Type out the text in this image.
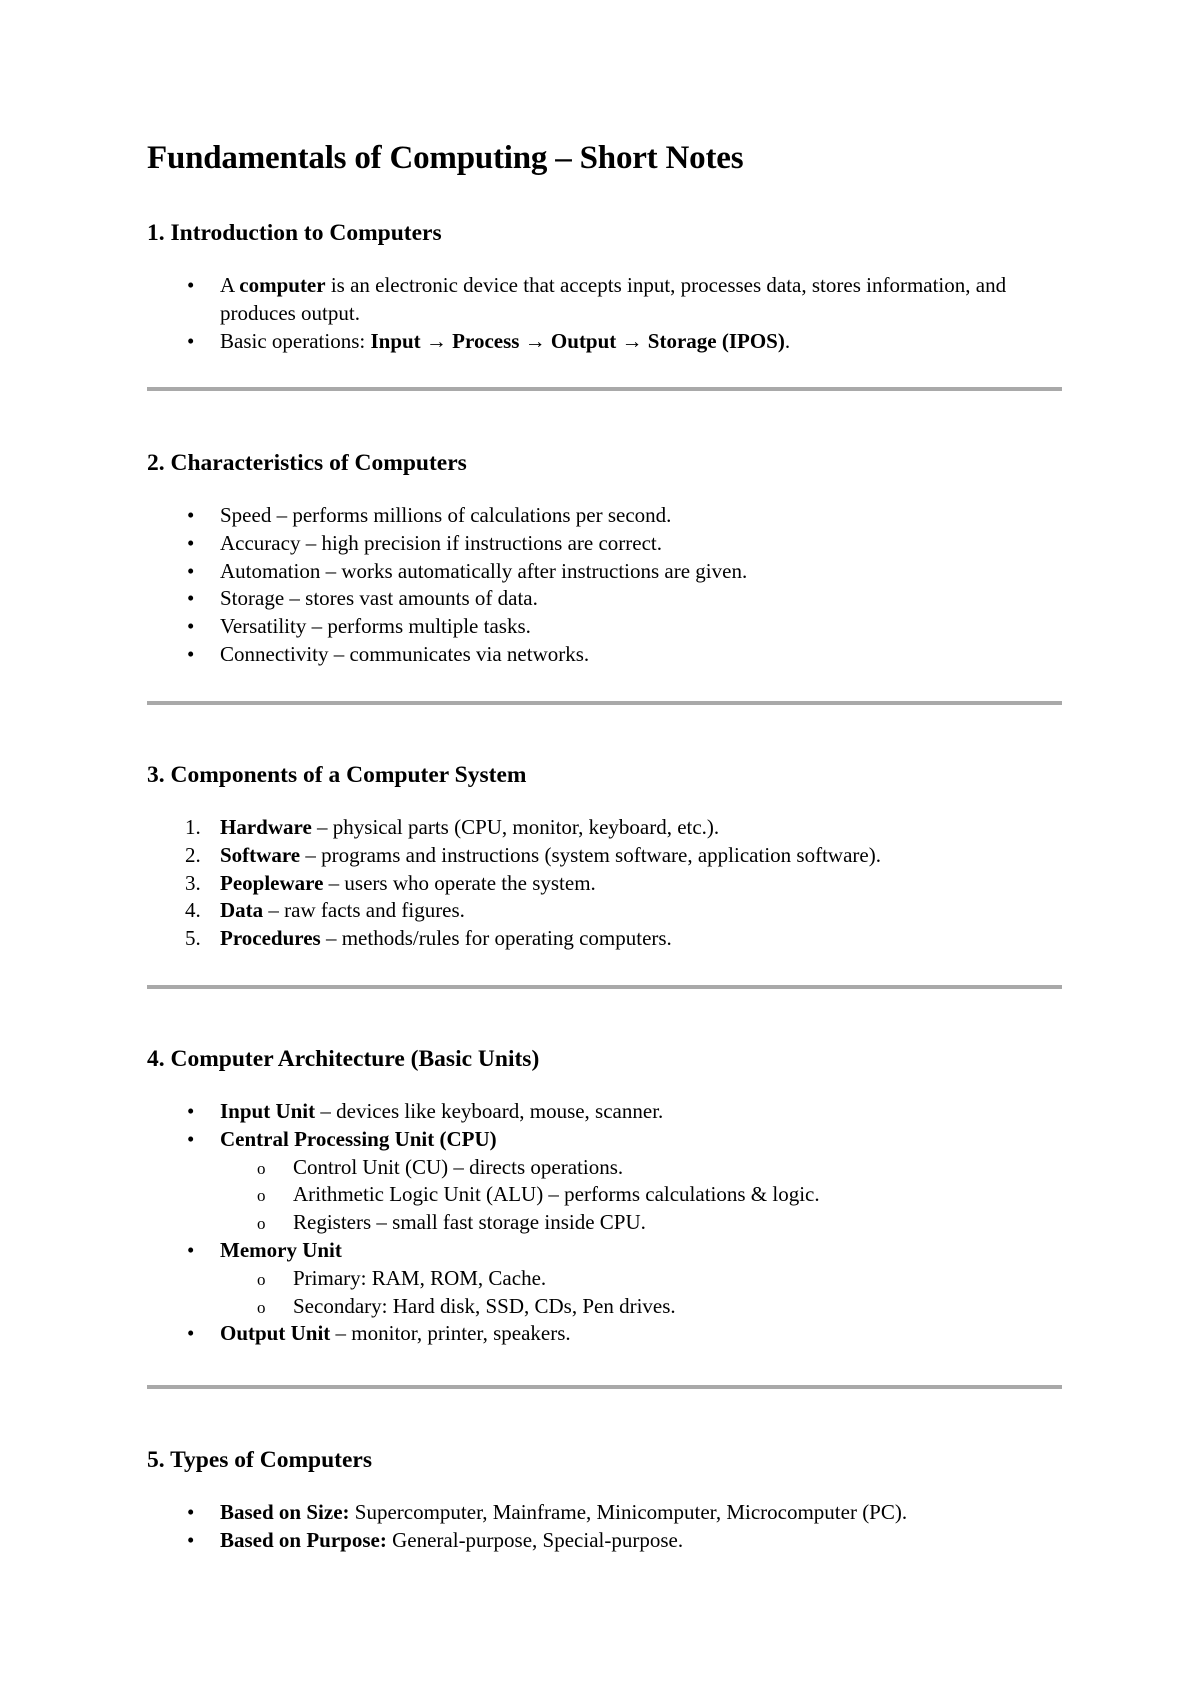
Fundamentals of Computing – Short Notes
1. Introduction to Computers
• A computer is an electronic device that accepts input, processes data, stores information, and produces output.
• Basic operations: Input → Process → Output → Storage (IPOS).
2. Characteristics of Computers
• Speed – performs millions of calculations per second.
• Accuracy – high precision if instructions are correct.
• Automation – works automatically after instructions are given.
• Storage – stores vast amounts of data.
• Versatility – performs multiple tasks.
• Connectivity – communicates via networks.
3. Components of a Computer System
1. Hardware – physical parts (CPU, monitor, keyboard, etc.).
2. Software – programs and instructions (system software, application software).
3. Peopleware – users who operate the system.
4. Data – raw facts and figures.
5. Procedures – methods/rules for operating computers.
4. Computer Architecture (Basic Units)
• Input Unit – devices like keyboard, mouse, scanner.
• Central Processing Unit (CPU)
o Control Unit (CU) – directs operations.
o Arithmetic Logic Unit (ALU) – performs calculations & logic.
o Registers – small fast storage inside CPU.
• Memory Unit
o Primary: RAM, ROM, Cache.
o Secondary: Hard disk, SSD, CDs, Pen drives.
• Output Unit – monitor, printer, speakers.
5. Types of Computers
• Based on Size: Supercomputer, Mainframe, Minicomputer, Microcomputer (PC).
• Based on Purpose: General-purpose, Special-purpose.
